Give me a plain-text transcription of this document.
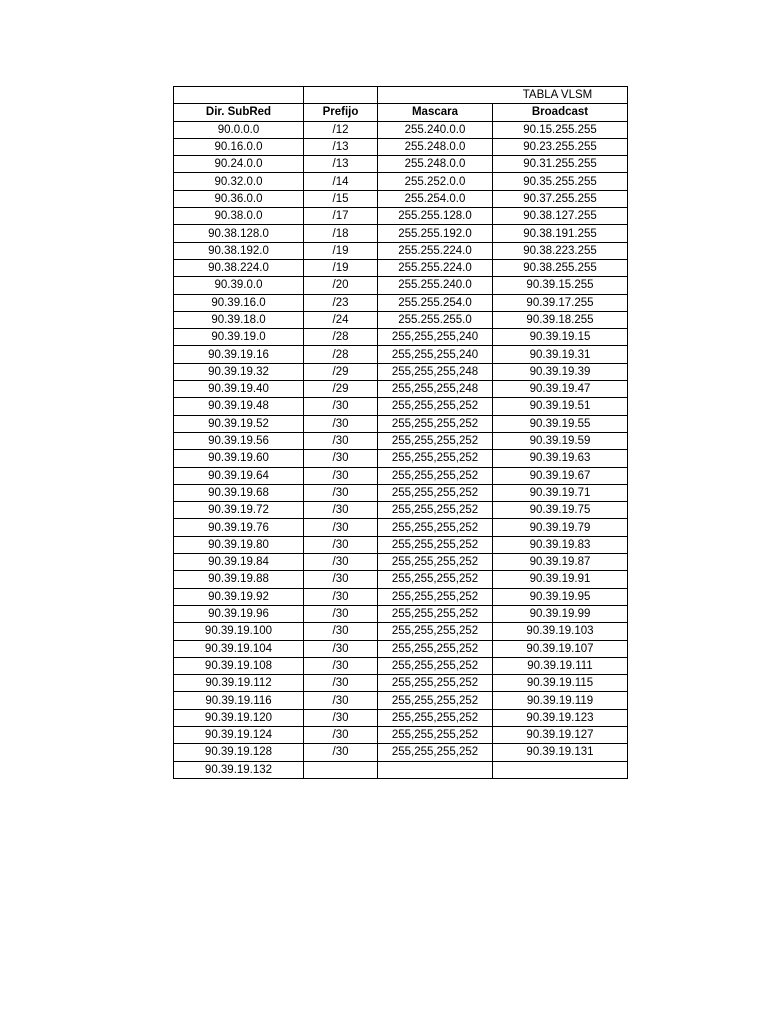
		TABLA VLSM	
Dir. SubRed	Prefijo	Mascara	Broadcast
90.0.0.0	/12	255.240.0.0	90.15.255.255
90.16.0.0	/13	255.248.0.0	90.23.255.255
90.24.0.0	/13	255.248.0.0	90.31.255.255
90.32.0.0	/14	255.252.0.0	90.35.255.255
90.36.0.0	/15	255.254.0.0	90.37.255.255
90.38.0.0	/17	255.255.128.0	90.38.127.255
90.38.128.0	/18	255.255.192.0	90.38.191.255
90.38.192.0	/19	255.255.224.0	90.38.223.255
90.38.224.0	/19	255.255.224.0	90.38.255.255
90.39.0.0	/20	255.255.240.0	90.39.15.255
90.39.16.0	/23	255.255.254.0	90.39.17.255
90.39.18.0	/24	255.255.255.0	90.39.18.255
90.39.19.0	/28	255,255,255,240	90.39.19.15
90.39.19.16	/28	255,255,255,240	90.39.19.31
90.39.19.32	/29	255,255,255,248	90.39.19.39
90.39.19.40	/29	255,255,255,248	90.39.19.47
90.39.19.48	/30	255,255,255,252	90.39.19.51
90.39.19.52	/30	255,255,255,252	90.39.19.55
90.39.19.56	/30	255,255,255,252	90.39.19.59
90.39.19.60	/30	255,255,255,252	90.39.19.63
90.39.19.64	/30	255,255,255,252	90.39.19.67
90.39.19.68	/30	255,255,255,252	90.39.19.71
90.39.19.72	/30	255,255,255,252	90.39.19.75
90.39.19.76	/30	255,255,255,252	90.39.19.79
90.39.19.80	/30	255,255,255,252	90.39.19.83
90.39.19.84	/30	255,255,255,252	90.39.19.87
90.39.19.88	/30	255,255,255,252	90.39.19.91
90.39.19.92	/30	255,255,255,252	90.39.19.95
90.39.19.96	/30	255,255,255,252	90.39.19.99
90.39.19.100	/30	255,255,255,252	90.39.19.103
90.39.19.104	/30	255,255,255,252	90.39.19.107
90.39.19.108	/30	255,255,255,252	90.39.19.111
90.39.19.112	/30	255,255,255,252	90.39.19.115
90.39.19.116	/30	255,255,255,252	90.39.19.119
90.39.19.120	/30	255,255,255,252	90.39.19.123
90.39.19.124	/30	255,255,255,252	90.39.19.127
90.39.19.128	/30	255,255,255,252	90.39.19.131
90.39.19.132			
